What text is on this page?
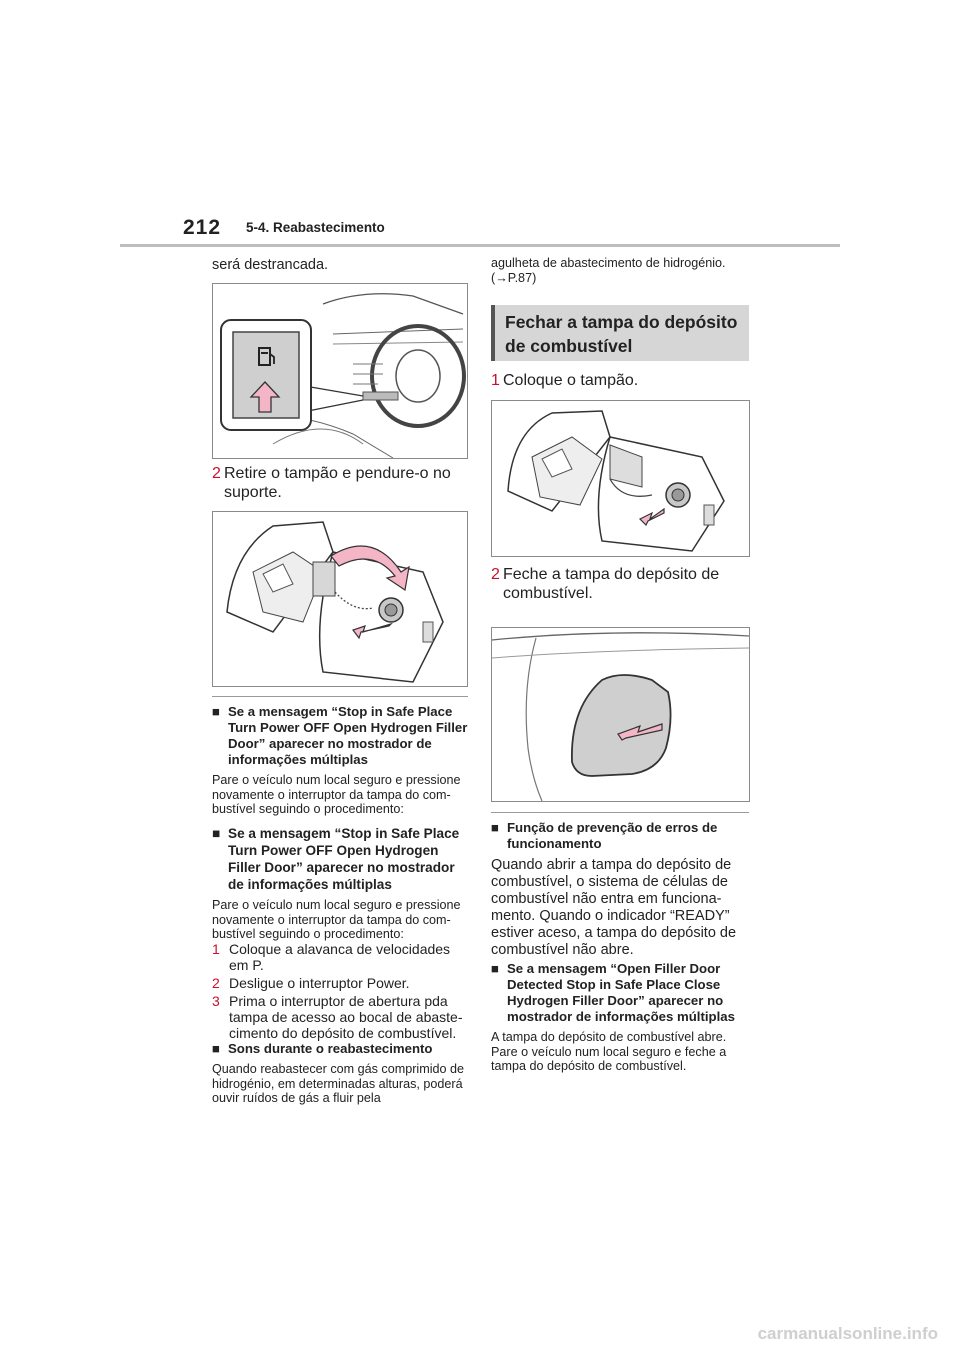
212 5-4. Reabastecimento
será destrancada.
2 Retire o tampão e pendure-o no suporte.
■ Se a mensagem “Stop in Safe Place Turn Power OFF Open Hydrogen Filler Door” aparecer no mostrador de informações múltiplas
Pare o veículo num local seguro e pressione novamente o interruptor da tampa do com- bustível seguindo o procedimento:
■ Se a mensagem “Stop in Safe Place Turn Power OFF Open Hydrogen Filler Door” aparecer no mostrador de informações múltiplas
Pare o veículo num local seguro e pressione novamente o interruptor da tampa do com- bustível seguindo o procedimento:
1 Coloque a alavanca de velocidades em P.
2 Desligue o interruptor Power.
3 Prima o interruptor de abertura pda tampa de acesso ao bocal de abaste- cimento do depósito de combustível.
■ Sons durante o reabastecimento
Quando reabastecer com gás comprimido de hidrogénio, em determinadas alturas, poderá ouvir ruídos de gás a fluir pela
agulheta de abastecimento de hidrogénio.
(→P.87)
Fechar a tampa do depósito de combustível
1 Coloque o tampão.
2 Feche a tampa do depósito de combustível.
■ Função de prevenção de erros de funcionamento
Quando abrir a tampa do depósito de combustível, o sistema de células de combustível não entra em funciona- mento. Quando o indicador “READY” estiver aceso, a tampa do depósito de combustível não abre.
■ Se a mensagem “Open Filler Door Detected Stop in Safe Place Close Hydrogen Filler Door” aparecer no mostrador de informações múltiplas
A tampa do depósito de combustível abre. Pare o veículo num local seguro e feche a tampa do depósito de combustível.
carmanualsonline.info
